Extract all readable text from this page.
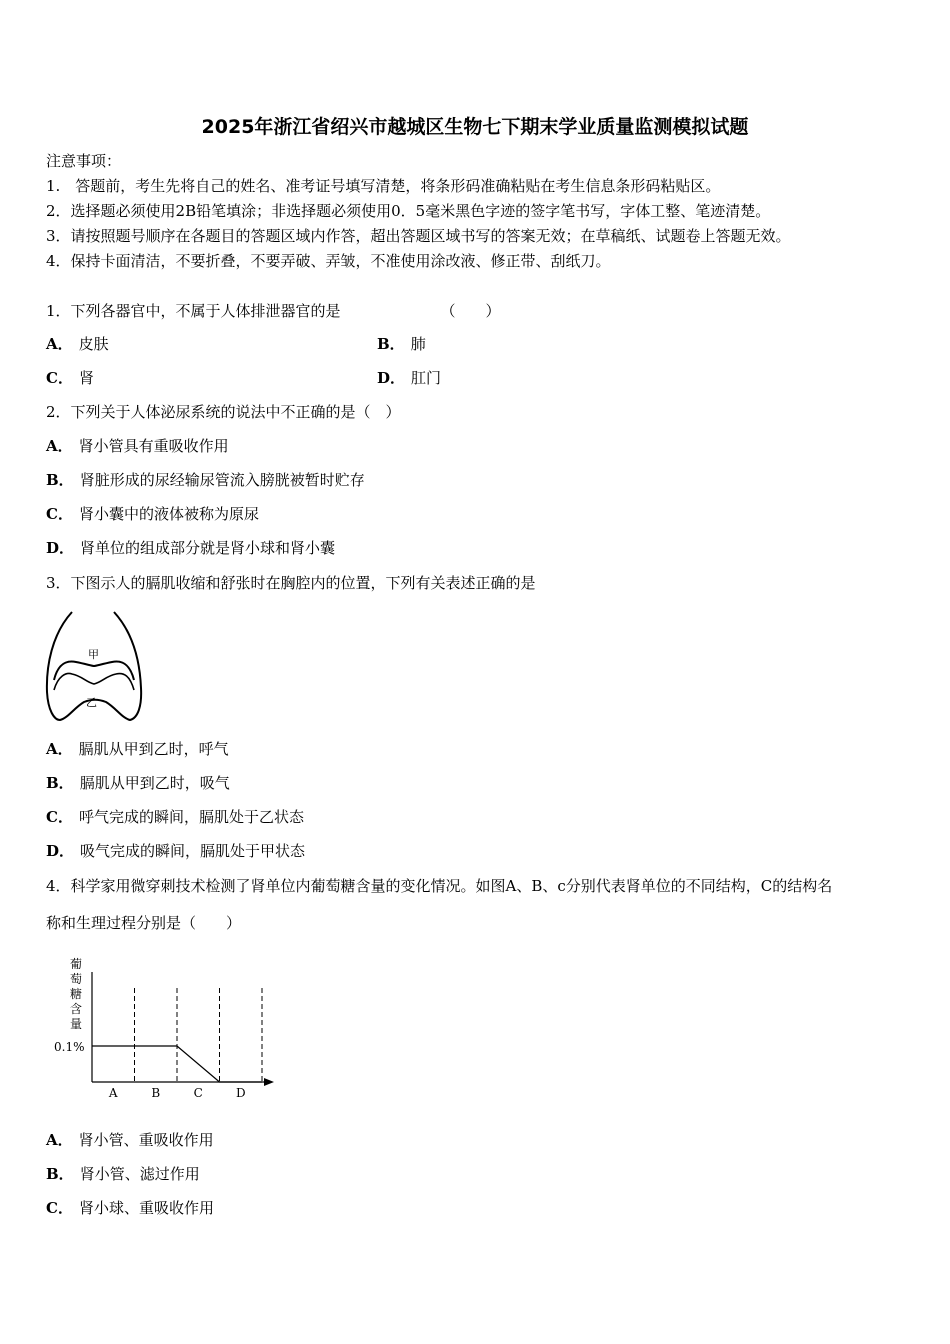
2025年浙江省绍兴市越城区生物七下期末学业质量监测模拟试题
注意事项：
1.　答题前，考生先将自己的姓名、准考证号填写清楚，将条形码准确粘贴在考生信息条形码粘贴区。
2．选择题必须使用2B铅笔填涂；非选择题必须使用0．5毫米黑色字迹的签字笔书写，字体工整、笔迹清楚。
3．请按照题号顺序在各题目的答题区域内作答，超出答题区域书写的答案无效；在草稿纸、试题卷上答题无效。
4．保持卡面清洁，不要折叠，不要弄破、弄皱，不准使用涂改液、修正带、刮纸刀。
1．下列各器官中，不属于人体排泄器官的是	（　　）
A． 皮肤	B． 肺
C． 肾	D． 肛门
2．下列关于人体泌尿系统的说法中不正确的是（　）
A． 肾小管具有重吸收作用
B． 肾脏形成的尿经输尿管流入膀胱被暂时贮存
C． 肾小囊中的液体被称为原尿
D． 肾单位的组成部分就是肾小球和肾小囊
3．下图示人的膈肌收缩和舒张时在胸腔内的位置，下列有关表述正确的是
甲
乙
A． 膈肌从甲到乙时，呼气
B． 膈肌从甲到乙时，吸气
C． 呼气完成的瞬间，膈肌处于乙状态
D． 吸气完成的瞬间，膈肌处于甲状态
4．科学家用微穿刺技术检测了肾单位内葡萄糖含量的变化情况。如图A、B、c分别代表肾单位的不同结构，C的结构名
称和生理过程分别是（　　）
葡
萄
糖
含
量
0.1%
A	B	C	D
A． 肾小管、重吸收作用
B． 肾小管、滤过作用
C． 肾小球、重吸收作用
